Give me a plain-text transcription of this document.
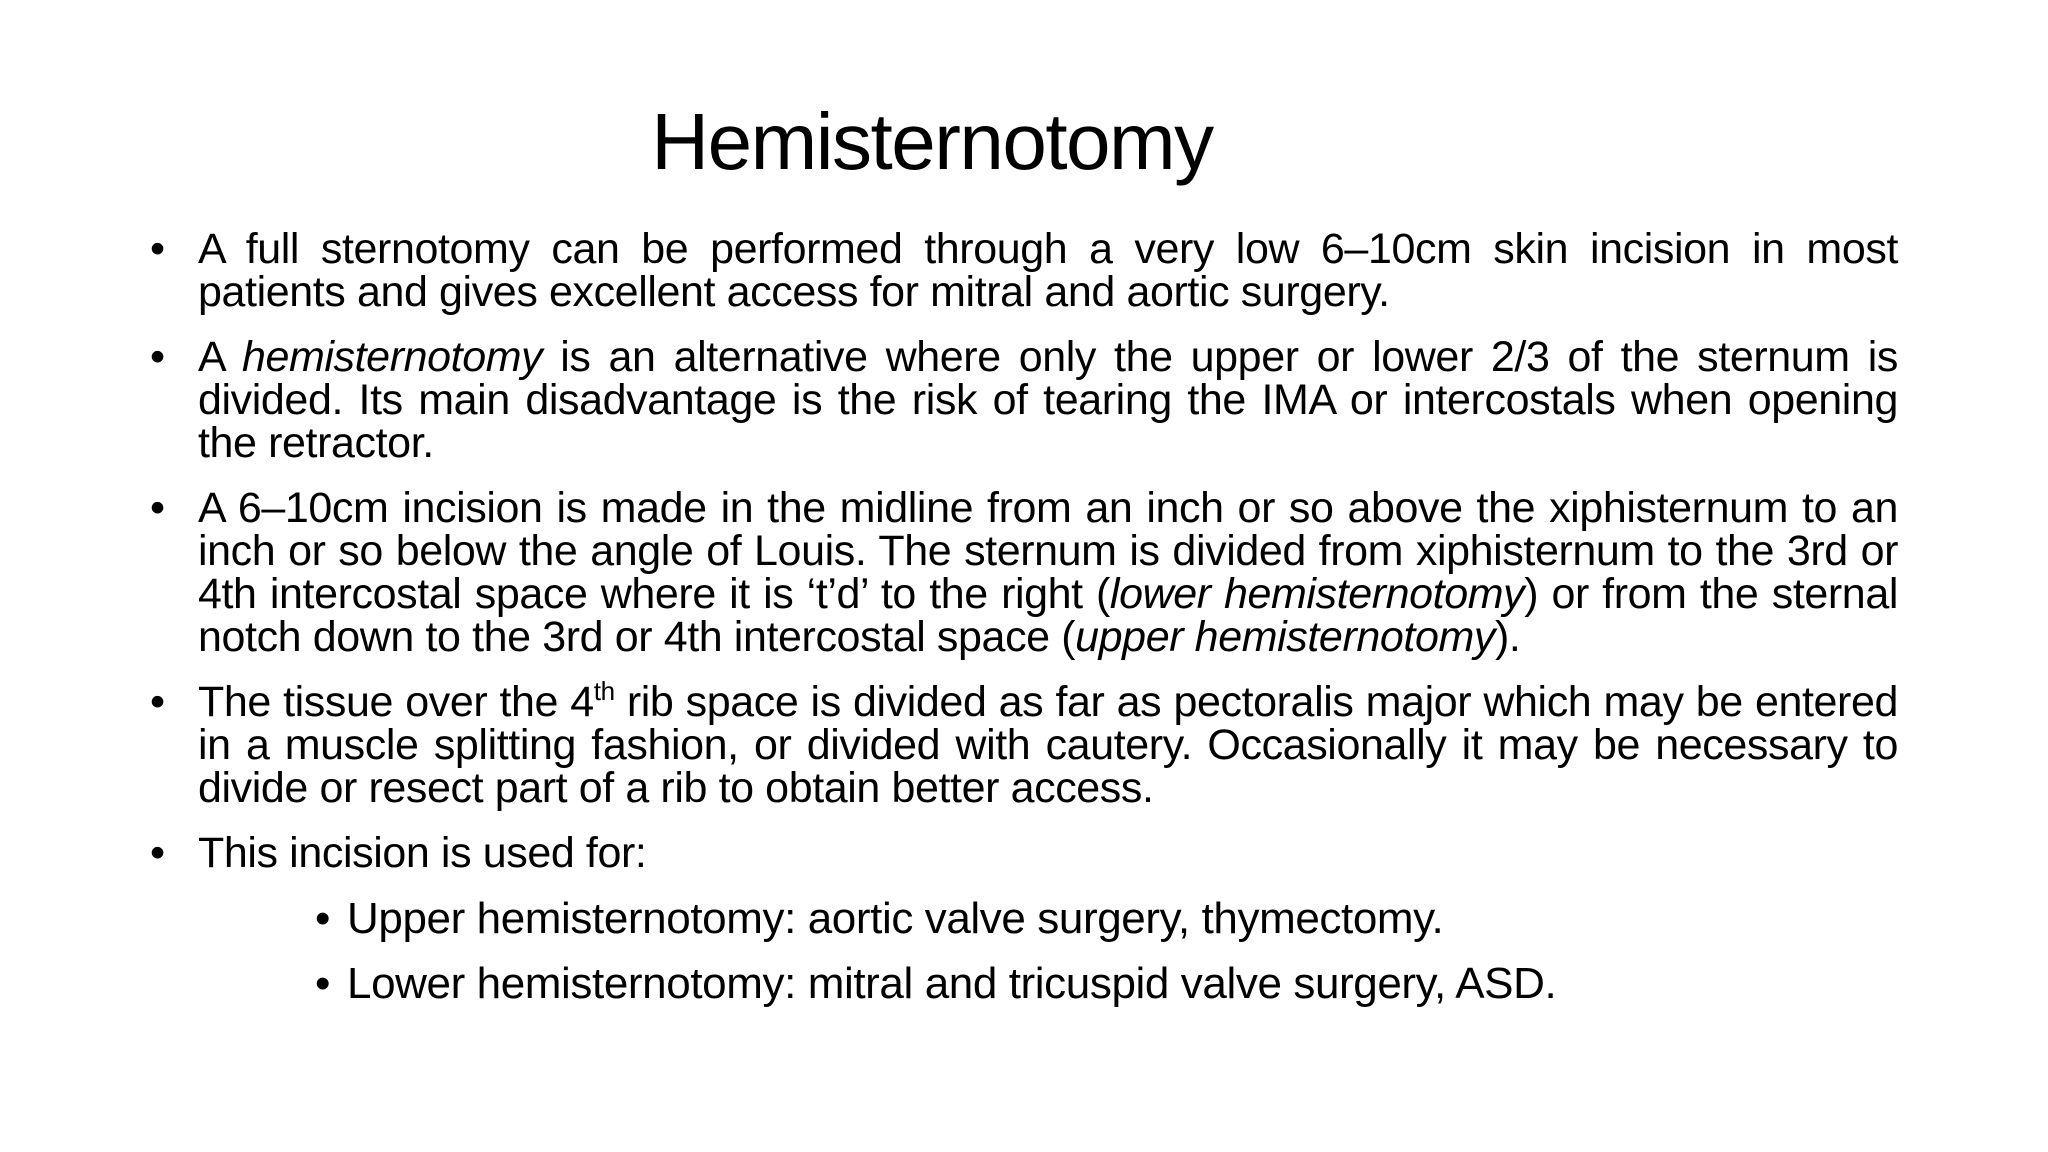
Hemisternotomy
• A full sternotomy can be performed through a very low 6–10cm skin incision in most patients and gives excellent access for mitral and aortic surgery.
• A hemisternotomy is an alternative where only the upper or lower 2/3 of the sternum is divided. Its main disadvantage is the risk of tearing the IMA or intercostals when opening the retractor.
• A 6–10cm incision is made in the midline from an inch or so above the xiphisternum to an inch or so below the angle of Louis. The sternum is divided from xiphisternum to the 3rd or 4th intercostal space where it is ‘t’d’ to the right (lower hemisternotomy) or from the sternal notch down to the 3rd or 4th intercostal space (upper hemisternotomy).
• The tissue over the 4th rib space is divided as far as pectoralis major which may be entered in a muscle splitting fashion, or divided with cautery. Occasionally it may be necessary to divide or resect part of a rib to obtain better access.
• This incision is used for:
• Upper hemisternotomy: aortic valve surgery, thymectomy.
• Lower hemisternotomy: mitral and tricuspid valve surgery, ASD.
